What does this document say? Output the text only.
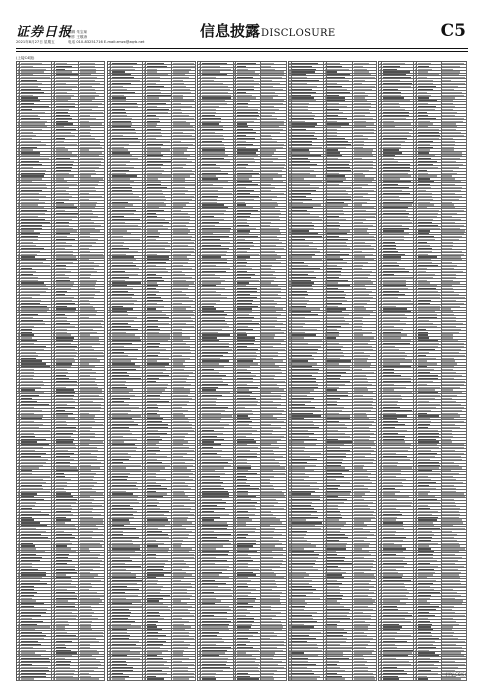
证券日报
编辑 朱宝琛
制作 王敬涛
2021年8月27日 星期五	电话 010-83251716 E-mail:zmzx@zqrb.net
信息披露DISCLOSURE	C5
(上接C4版)
(下转C6版)
